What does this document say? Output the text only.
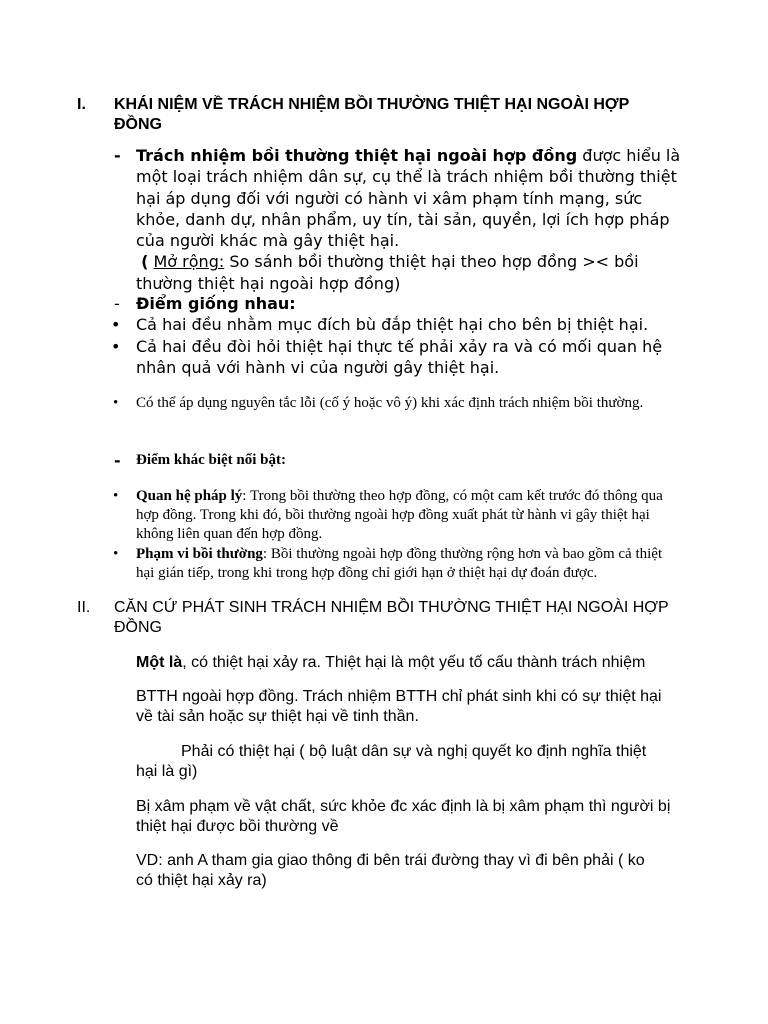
I. KHÁI NIỆM VỀ TRÁCH NHIỆM BỒI THƯỜNG THIỆT HẠI NGOÀI HỢP ĐỒNG
- Trách nhiệm bồi thường thiệt hại ngoài hợp đồng được hiểu là một loại trách nhiệm dân sự, cụ thể là trách nhiệm bồi thường thiệt hại áp dụng đối với người có hành vi xâm phạm tính mạng, sức khỏe, danh dự, nhân phẩm, uy tín, tài sản, quyền, lợi ích hợp pháp của người khác mà gây thiệt hại.

( Mở rộng: So sánh bồi thường thiệt hại theo hợp đồng >< bồi thường thiệt hại ngoài hợp đồng)

- Điểm giống nhau:

• Cả hai đều nhằm mục đích bù đắp thiệt hại cho bên bị thiệt hại.

• Cả hai đều đòi hỏi thiệt hại thực tế phải xảy ra và có mối quan hệ nhân quả với hành vi của người gây thiệt hại.

• Có thể áp dụng nguyên tắc lỗi (cố ý hoặc vô ý) khi xác định trách nhiệm bồi thường.

- Điểm khác biệt nổi bật:

• Quan hệ pháp lý: Trong bồi thường theo hợp đồng, có một cam kết trước đó thông qua hợp đồng. Trong khi đó, bồi thường ngoài hợp đồng xuất phát từ hành vi gây thiệt hại không liên quan đến hợp đồng.

• Phạm vi bồi thường: Bồi thường ngoài hợp đồng thường rộng hơn và bao gồm cả thiệt hại gián tiếp, trong khi trong hợp đồng chỉ giới hạn ở thiệt hại dự đoán được.

II. CĂN CỨ PHÁT SINH TRÁCH NHIỆM BỒI THƯỜNG THIỆT HẠI NGOÀI HỢP ĐỒNG

Một là, có thiệt hại xảy ra. Thiệt hại là một yếu tố cấu thành trách nhiệm

BTTH ngoài hợp đồng. Trách nhiệm BTTH chỉ phát sinh khi có sự thiệt hại về tài sản hoặc sự thiệt hại về tinh thần.

Phải có thiệt hại ( bộ luật dân sự và nghị quyết ko định nghĩa thiệt hại là gì)

Bị xâm phạm về vật chất, sức khỏe đc xác định là bị xâm phạm thì người bị thiệt hại được bồi thường về

VD: anh A tham gia giao thông đi bên trái đường thay vì đi bên phải ( ko có thiệt hại xảy ra)
